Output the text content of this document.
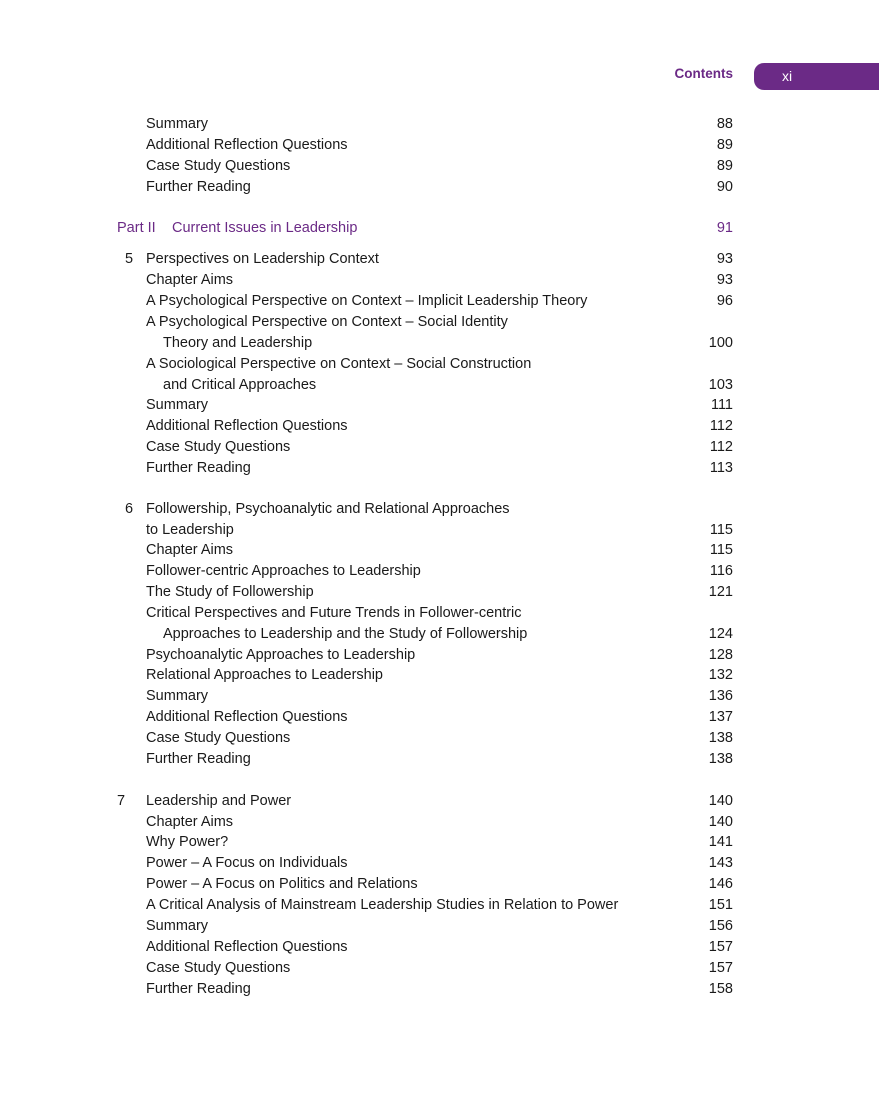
Contents	xi
Summary	88
Additional Reflection Questions	89
Case Study Questions	89
Further Reading	90
Part II Current Issues in Leadership	91
5 Perspectives on Leadership Context	93
Chapter Aims	93
A Psychological Perspective on Context – Implicit Leadership Theory	96
A Psychological Perspective on Context – Social Identity
Theory and Leadership	100
A Sociological Perspective on Context – Social Construction
and Critical Approaches	103
Summary	111
Additional Reflection Questions	112
Case Study Questions	112
Further Reading	113
6 Followership, Psychoanalytic and Relational Approaches
to Leadership	115
Chapter Aims	115
Follower-centric Approaches to Leadership	116
The Study of Followership	121
Critical Perspectives and Future Trends in Follower-centric
Approaches to Leadership and the Study of Followership	124
Psychoanalytic Approaches to Leadership	128
Relational Approaches to Leadership	132
Summary	136
Additional Reflection Questions	137
Case Study Questions	138
Further Reading	138
7 Leadership and Power	140
Chapter Aims	140
Why Power?	141
Power – A Focus on Individuals	143
Power – A Focus on Politics and Relations	146
A Critical Analysis of Mainstream Leadership Studies in Relation to Power	151
Summary	156
Additional Reflection Questions	157
Case Study Questions	157
Further Reading	158
